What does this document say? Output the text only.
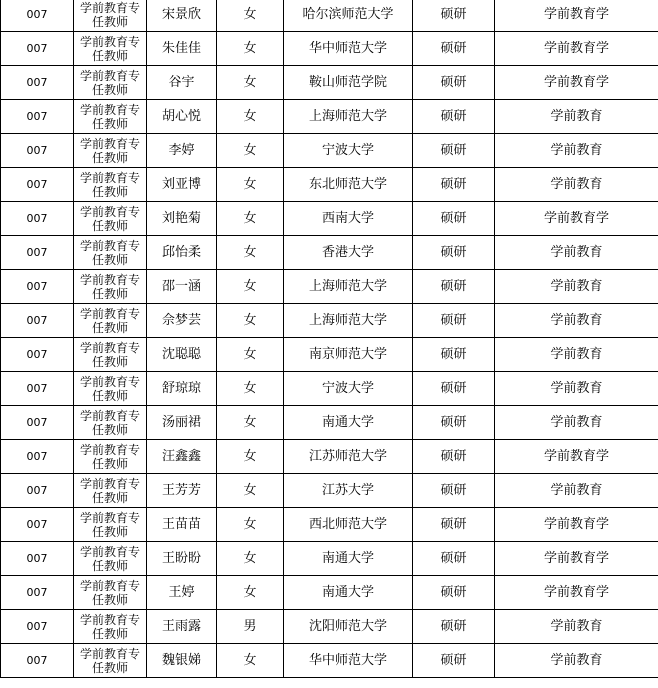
007	学前教育专任教师	宋景欣	女	哈尔滨师范大学	硕研	学前教育学
007	学前教育专任教师	朱佳佳	女	华中师范大学	硕研	学前教育学
007	学前教育专任教师	谷宇	女	鞍山师范学院	硕研	学前教育学
007	学前教育专任教师	胡心悦	女	上海师范大学	硕研	学前教育
007	学前教育专任教师	李婷	女	宁波大学	硕研	学前教育
007	学前教育专任教师	刘亚博	女	东北师范大学	硕研	学前教育
007	学前教育专任教师	刘艳菊	女	西南大学	硕研	学前教育学
007	学前教育专任教师	邱怡柔	女	香港大学	硕研	学前教育
007	学前教育专任教师	邵一涵	女	上海师范大学	硕研	学前教育
007	学前教育专任教师	佘梦芸	女	上海师范大学	硕研	学前教育
007	学前教育专任教师	沈聪聪	女	南京师范大学	硕研	学前教育
007	学前教育专任教师	舒琼琼	女	宁波大学	硕研	学前教育
007	学前教育专任教师	汤丽裙	女	南通大学	硕研	学前教育
007	学前教育专任教师	汪鑫鑫	女	江苏师范大学	硕研	学前教育学
007	学前教育专任教师	王芳芳	女	江苏大学	硕研	学前教育
007	学前教育专任教师	王苗苗	女	西北师范大学	硕研	学前教育学
007	学前教育专任教师	王盼盼	女	南通大学	硕研	学前教育学
007	学前教育专任教师	王婷	女	南通大学	硕研	学前教育学
007	学前教育专任教师	王雨露	男	沈阳师范大学	硕研	学前教育
007	学前教育专任教师	魏银娣	女	华中师范大学	硕研	学前教育
